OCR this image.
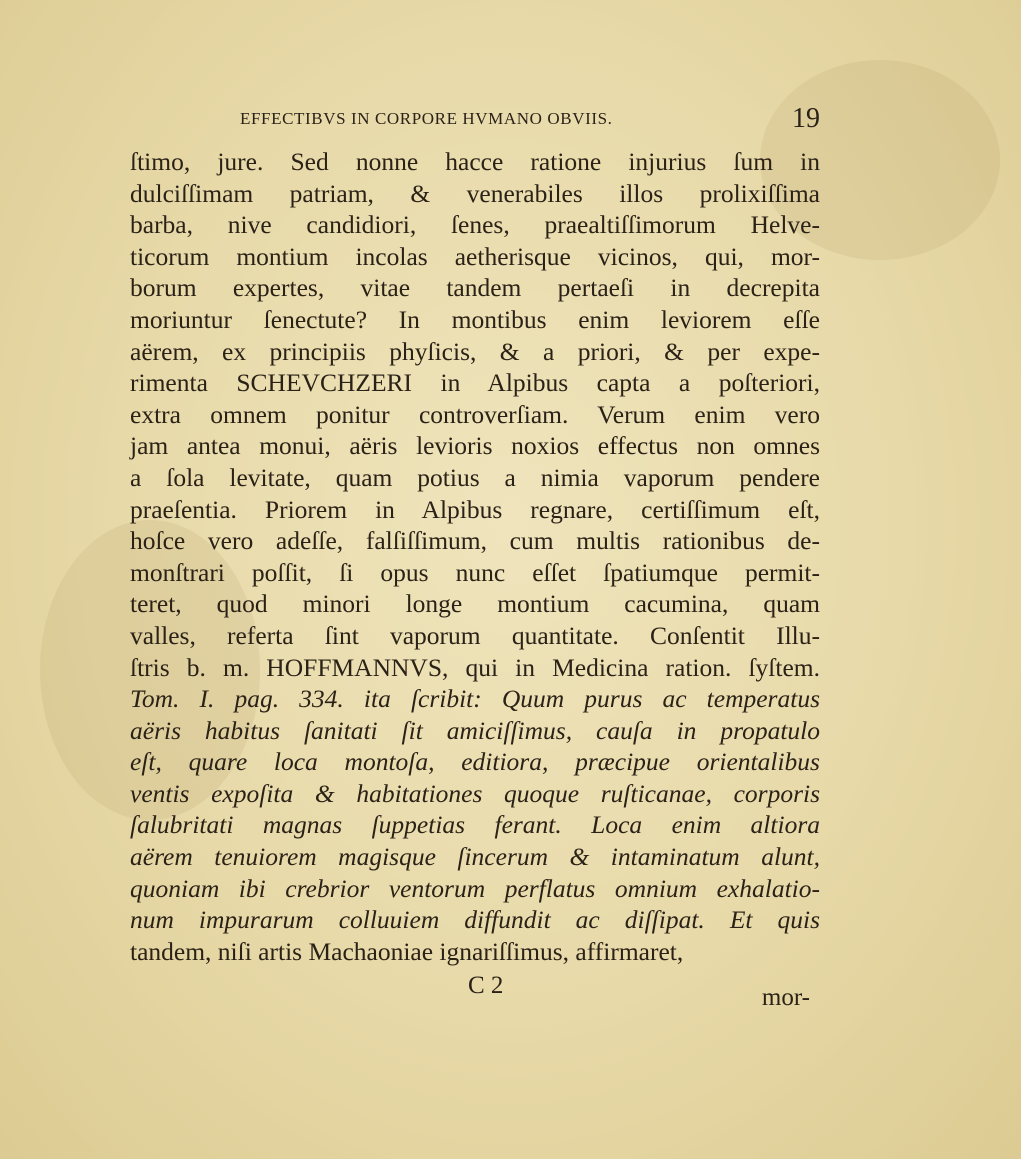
EFFECTIBVS IN CORPORE HVMANO OBVIIS.	19
ſtimo, jure. Sed nonne hacce ratione injurius ſum in
dulciſſimam patriam, & venerabiles illos prolixiſſima
barba, nive candidiori, ſenes, praealtiſſimorum Helve-
ticorum montium incolas aetherisque vicinos, qui, mor-
borum expertes, vitae tandem pertaeſi in decrepita
moriuntur ſenectute? In montibus enim leviorem eſſe
aërem, ex principiis phyſicis, & a priori, & per expe-
rimenta SCHEVCHZERI in Alpibus capta a poſteriori,
extra omnem ponitur controverſiam. Verum enim vero
jam antea monui, aëris levioris noxios effectus non omnes
a ſola levitate, quam potius a nimia vaporum pendere
praeſentia. Priorem in Alpibus regnare, certiſſimum eſt,
hoſce vero adeſſe, falſiſſimum, cum multis rationibus de-
monſtrari poſſit, ſi opus nunc eſſet ſpatiumque permit-
teret, quod minori longe montium cacumina, quam
valles, referta ſint vaporum quantitate. Conſentit Illu-
ſtris b. m. HOFFMANNVS, qui in Medicina ration. ſyſtem.
Tom. I. pag. 334. ita ſcribit: Quum purus ac temperatus
aëris habitus ſanitati ſit amiciſſimus, cauſa in propatulo
eſt, quare loca montoſa, editiora, præcipue orientalibus
ventis expoſita & habitationes quoque ruſticanae, corporis
ſalubritati magnas ſuppetias ferant. Loca enim altiora
aërem tenuiorem magisque ſincerum & intaminatum alunt,
quoniam ibi crebrior ventorum perflatus omnium exhalatio-
num impurarum colluuiem diffundit ac diſſipat. Et quis
tandem, niſi artis Machaoniae ignariſſimus, affirmaret,
C 2	mor-
